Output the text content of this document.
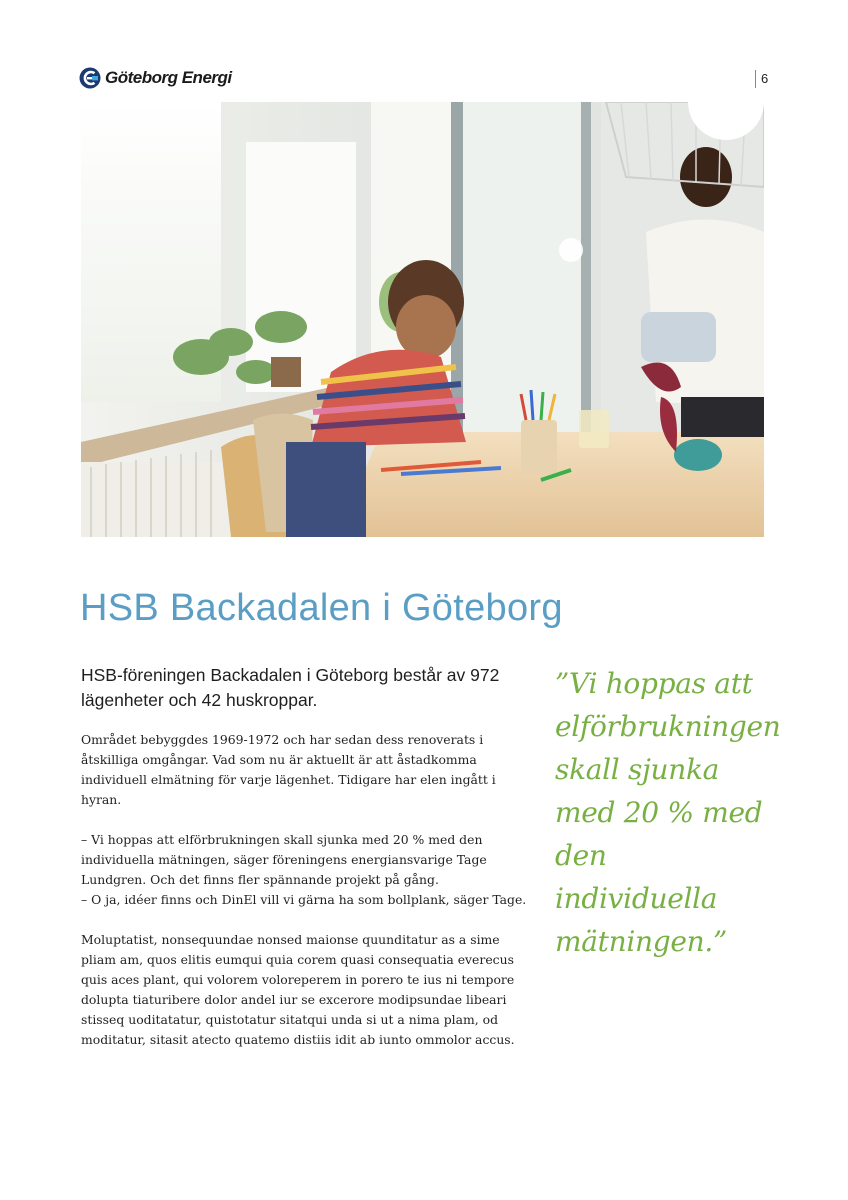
Göteborg Energi	6
HSB Backadalen i Göteborg

HSB-föreningen Backadalen i Göteborg består av 972 lägenheter och 42 huskroppar.

Området bebyggdes 1969-1972 och har sedan dess renoverats i åtskilliga omgångar. Vad som nu är aktuellt är att åstadkomma individuell elmätning för varje lägenhet. Tidigare har elen ingått i hyran.

– Vi hoppas att elförbrukningen skall sjunka med 20 % med den individuella mätningen, säger föreningens energiansvarige Tage Lundgren. Och det finns fler spännande projekt på gång.

– O ja, idéer finns och DinEl vill vi gärna ha som bollplank, säger Tage.

Moluptatist, nonsequundae nonsed maionse quunditatur as a sime pliam am, quos elitis eumqui quia corem quasi consequatia everecus quis aces plant, qui volorem voloreperem in porero te ius ni tempore dolupta tiaturibere dolor andel iur se excerore modipsundae libeari stisseq uoditatatur, quistotatur sitatqui unda si ut a nima plam, od moditatur, sitasit atecto quatemo distiis idit ab iunto ommolor accus.

”Vi hoppas att elförbrukningen skall sjunka med 20 % med den individuella mätningen.”
